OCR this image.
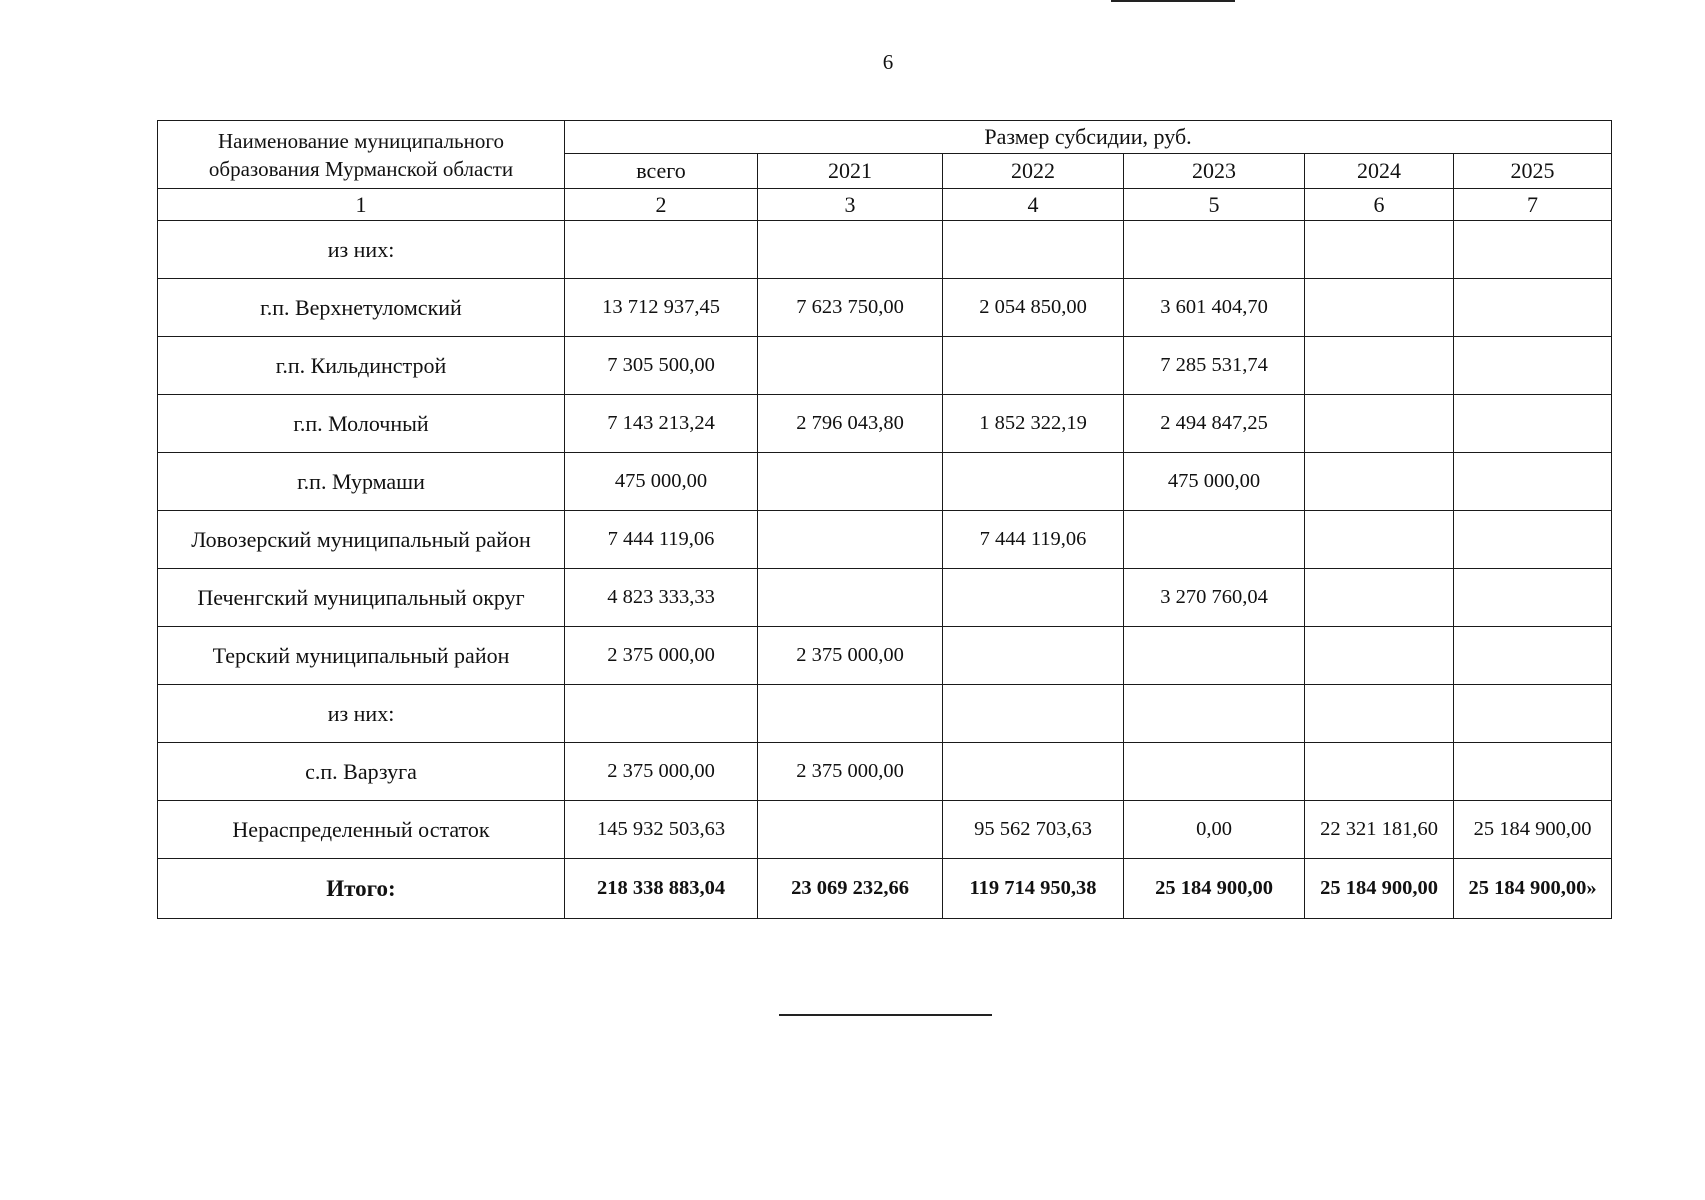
6
Наименование муниципального образования Мурманской области	Размер субсидии, руб.					
	всего	2021	2022	2023	2024	2025
1	2	3	4	5	6	7
из них:						
г.п. Верхнетуломский	13 712 937,45	7 623 750,00	2 054 850,00	3 601 404,70		
г.п. Кильдинстрой	7 305 500,00			7 285 531,74		
г.п. Молочный	7 143 213,24	2 796 043,80	1 852 322,19	2 494 847,25		
г.п. Мурмаши	475 000,00			475 000,00		
Ловозерский муниципальный район	7 444 119,06		7 444 119,06			
Печенгский муниципальный округ	4 823 333,33			3 270 760,04		
Терский муниципальный район	2 375 000,00	2 375 000,00				
из них:						
с.п. Варзуга	2 375 000,00	2 375 000,00				
Нераспределенный остаток	145 932 503,63		95 562 703,63	0,00	22 321 181,60	25 184 900,00
Итого:	218 338 883,04	23 069 232,66	119 714 950,38	25 184 900,00	25 184 900,00	25 184 900,00»
